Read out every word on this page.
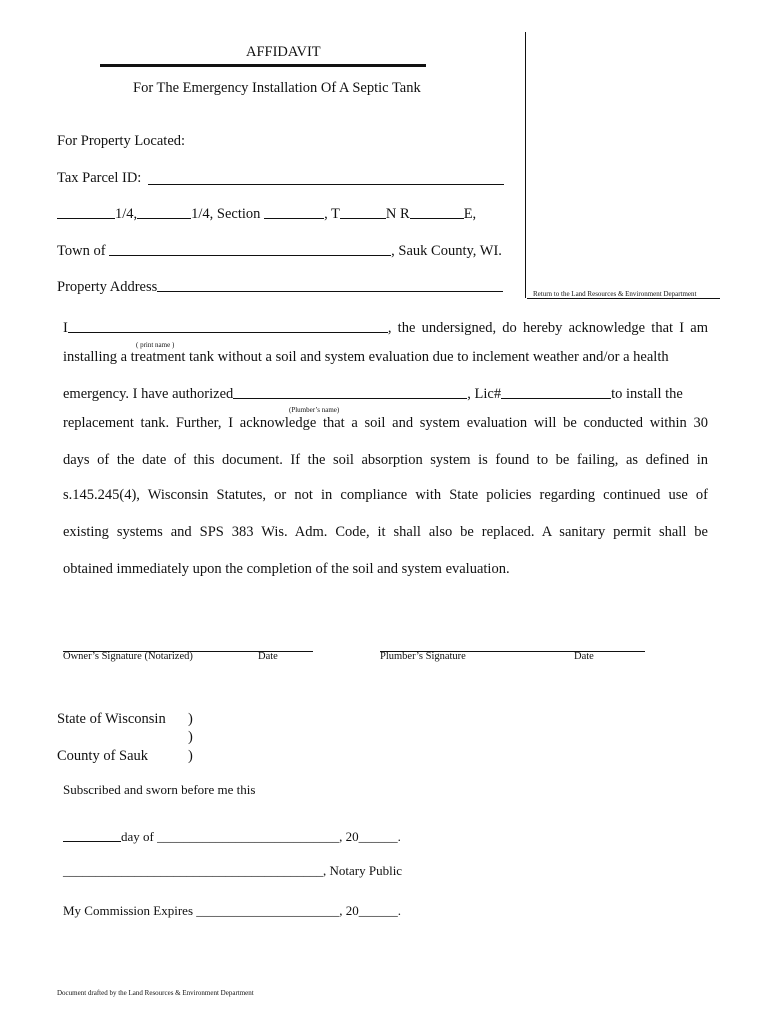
AFFIDAVIT
For The Emergency Installation Of A Septic Tank
Return to the Land Resources & Environment Department
For Property Located:
Tax Parcel ID:
1/4,	1/4, Section	, T	N R	E,
Town of	, Sauk County, WI.
Property Address
I	, the undersigned, do hereby acknowledge that I am
( print name )
installing a treatment tank without a soil and system evaluation due to inclement weather and/or a health
emergency. I have authorized	, Lic#	to install the
(Plumber’s name)
replacement tank. Further, I acknowledge that a soil and system evaluation will be conducted within 30
days of the date of this document. If the soil absorption system is found to be failing, as defined in
s.145.245(4), Wisconsin Statutes, or not in compliance with State policies regarding continued use of
existing systems and SPS 383 Wis. Adm. Code, it shall also be replaced. A sanitary permit shall be
obtained immediately upon the completion of the soil and system evaluation.
Owner’s Signature (Notarized)	Date	Plumber’s Signature	Date
State of Wisconsin )
)
County of Sauk	)
Subscribed and sworn before me this
day of ____________________________, 20______.
________________________________________, Notary Public
My Commission Expires ______________________, 20______.
Document drafted by the Land Resources & Environment Department
